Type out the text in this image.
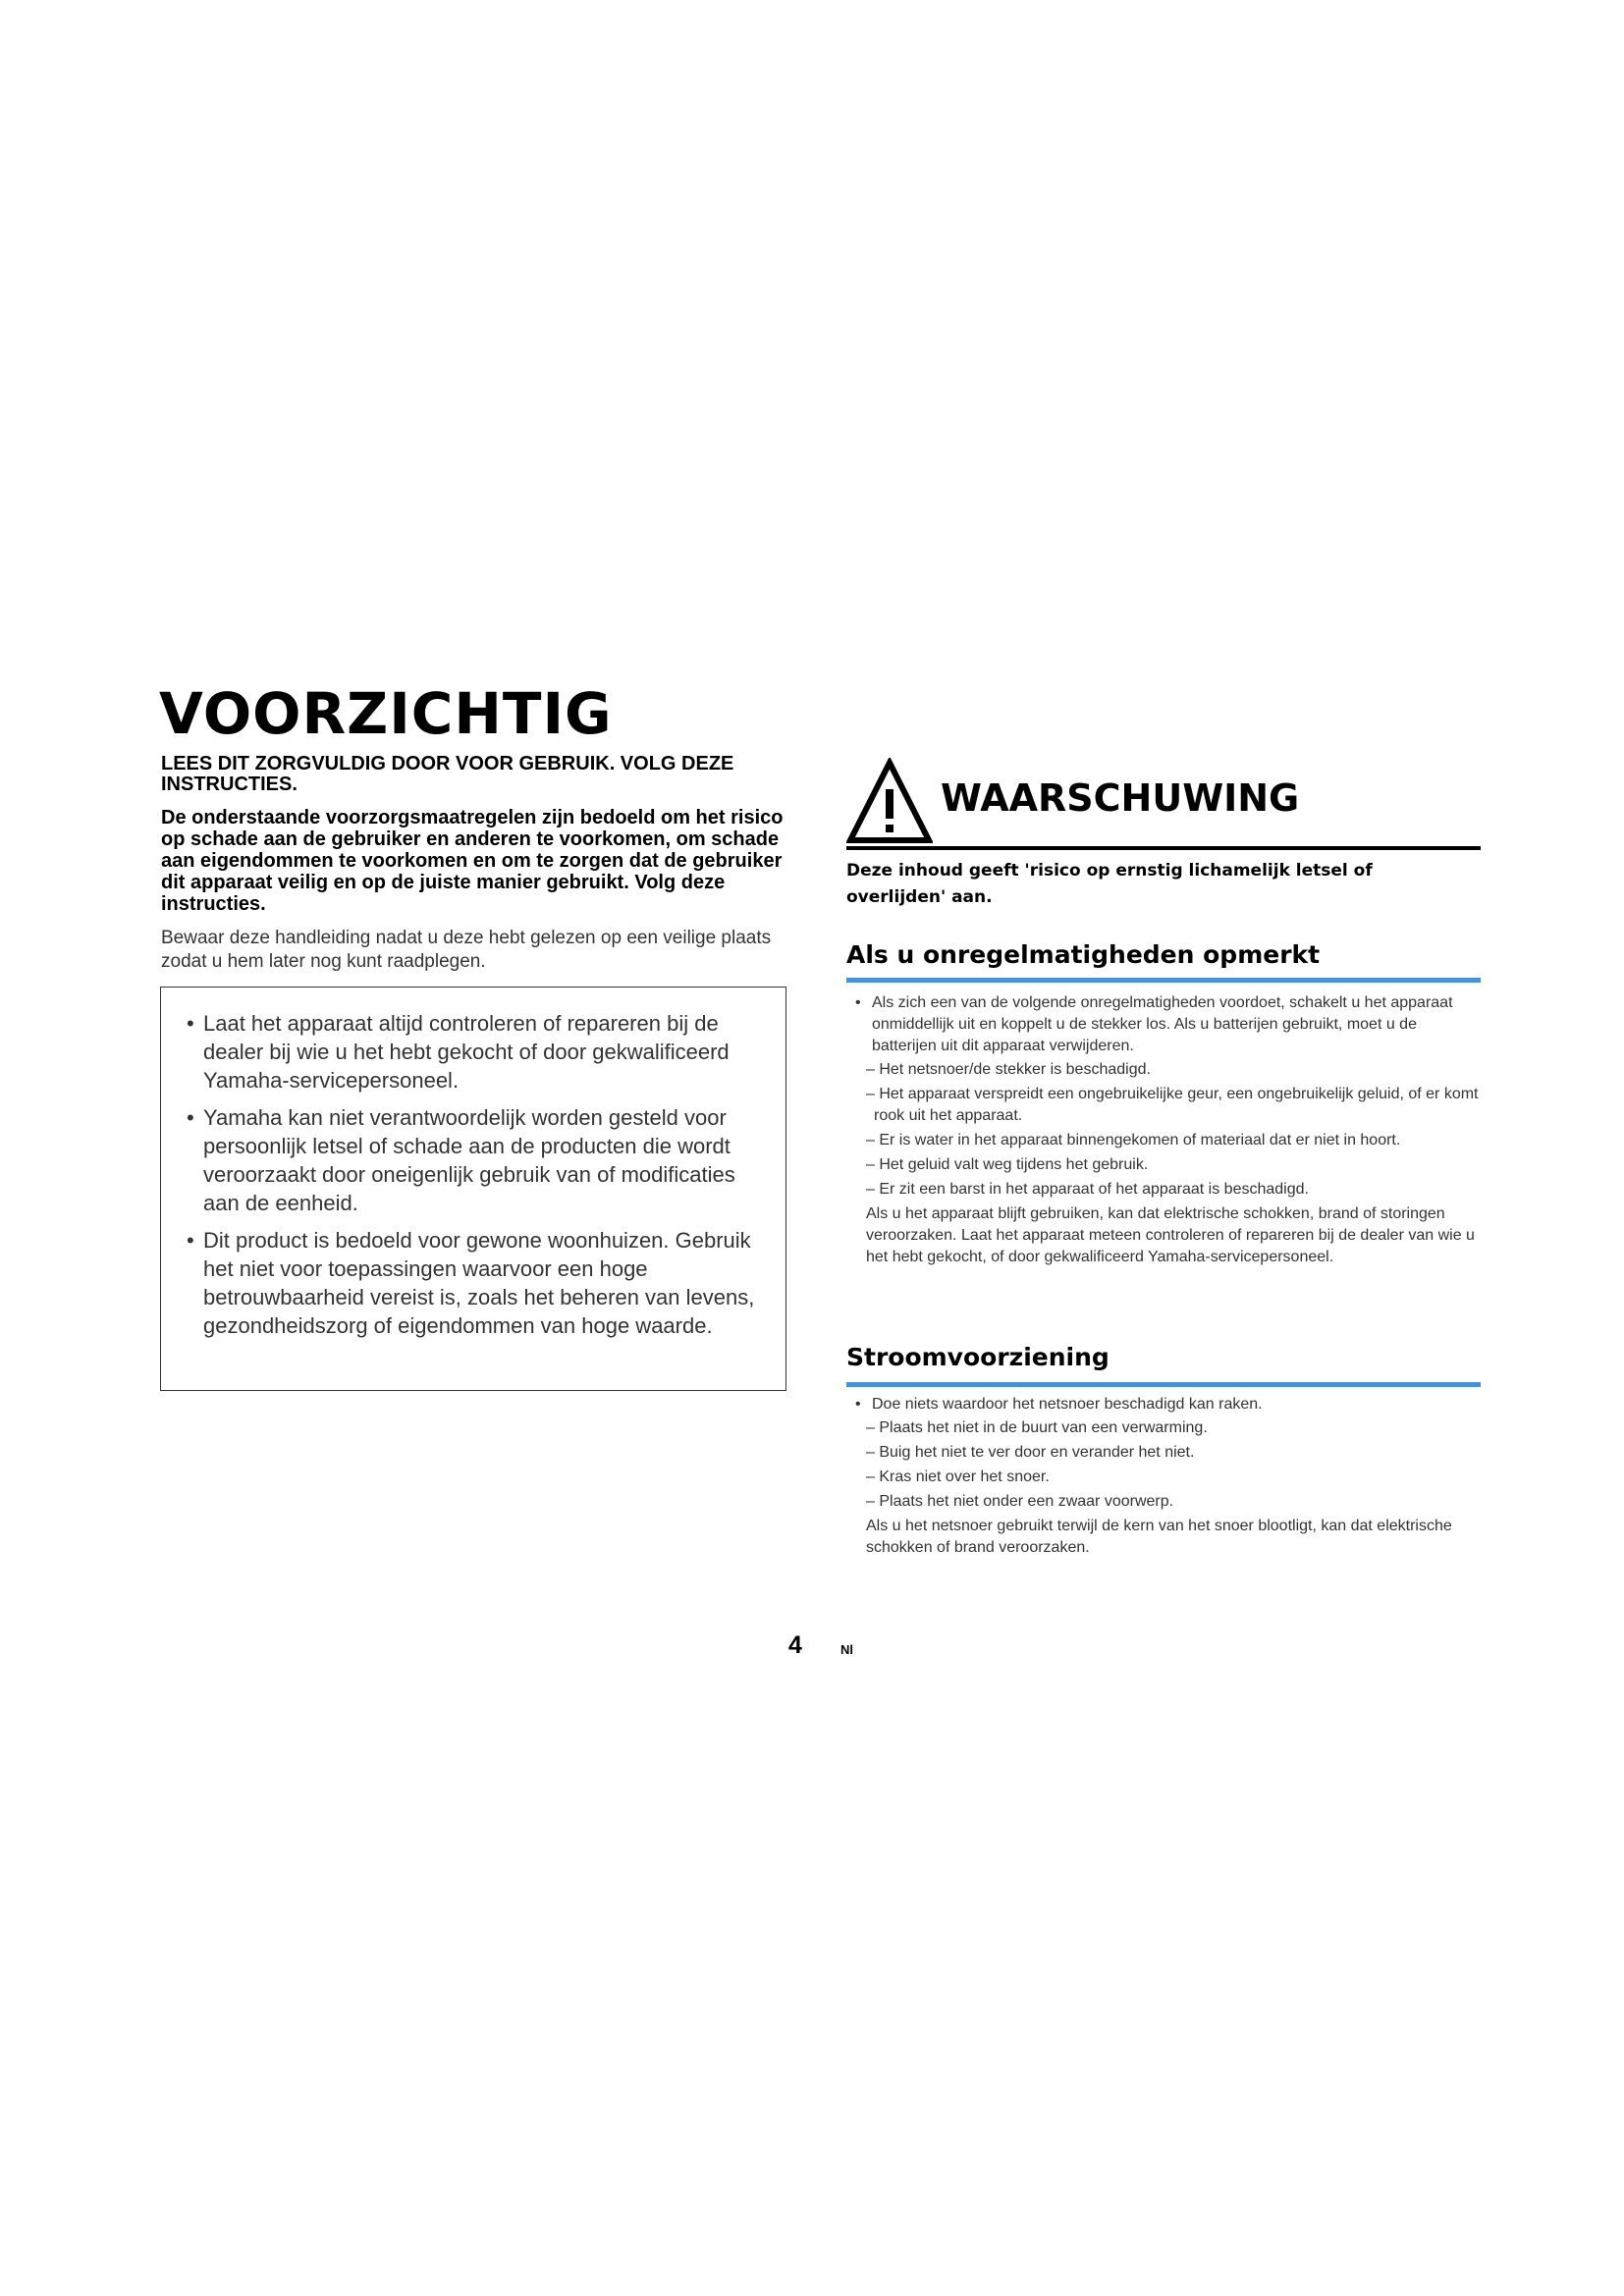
VOORZICHTIG

LEES DIT ZORGVULDIG DOOR VOOR GEBRUIK. VOLG DEZE INSTRUCTIES.

De onderstaande voorzorgsmaatregelen zijn bedoeld om het risico op schade aan de gebruiker en anderen te voorkomen, om schade aan eigendommen te voorkomen en om te zorgen dat de gebruiker dit apparaat veilig en op de juiste manier gebruikt. Volg deze instructies.

Bewaar deze handleiding nadat u deze hebt gelezen op een veilige plaats zodat u hem later nog kunt raadplegen.

• Laat het apparaat altijd controleren of repareren bij de dealer bij wie u het hebt gekocht of door gekwalificeerd Yamaha-servicepersoneel.
• Yamaha kan niet verantwoordelijk worden gesteld voor persoonlijk letsel of schade aan de producten die wordt veroorzaakt door oneigenlijk gebruik van of modificaties aan de eenheid.
• Dit product is bedoeld voor gewone woonhuizen. Gebruik het niet voor toepassingen waarvoor een hoge betrouwbaarheid vereist is, zoals het beheren van levens, gezondheidszorg of eigendommen van hoge waarde.
WAARSCHUWING

Deze inhoud geeft 'risico op ernstig lichamelijk letsel of overlijden' aan.

Als u onregelmatigheden opmerkt

• Als zich een van de volgende onregelmatigheden voordoet, schakelt u het apparaat onmiddellijk uit en koppelt u de stekker los. Als u batterijen gebruikt, moet u de batterijen uit dit apparaat verwijderen.

– Het netsnoer/de stekker is beschadigd.

– Het apparaat verspreidt een ongebruikelijke geur, een ongebruikelijk geluid, of er komt rook uit het apparaat.

– Er is water in het apparaat binnengekomen of materiaal dat er niet in hoort.

– Het geluid valt weg tijdens het gebruik.

– Er zit een barst in het apparaat of het apparaat is beschadigd.

Als u het apparaat blijft gebruiken, kan dat elektrische schokken, brand of storingen veroorzaken. Laat het apparaat meteen controleren of repareren bij de dealer van wie u het hebt gekocht, of door gekwalificeerd Yamaha-servicepersoneel.

Stroomvoorziening

• Doe niets waardoor het netsnoer beschadigd kan raken.

– Plaats het niet in de buurt van een verwarming.

– Buig het niet te ver door en verander het niet.

– Kras niet over het snoer.

– Plaats het niet onder een zwaar voorwerp.

Als u het netsnoer gebruikt terwijl de kern van het snoer blootligt, kan dat elektrische schokken of brand veroorzaken.

4	Nl
